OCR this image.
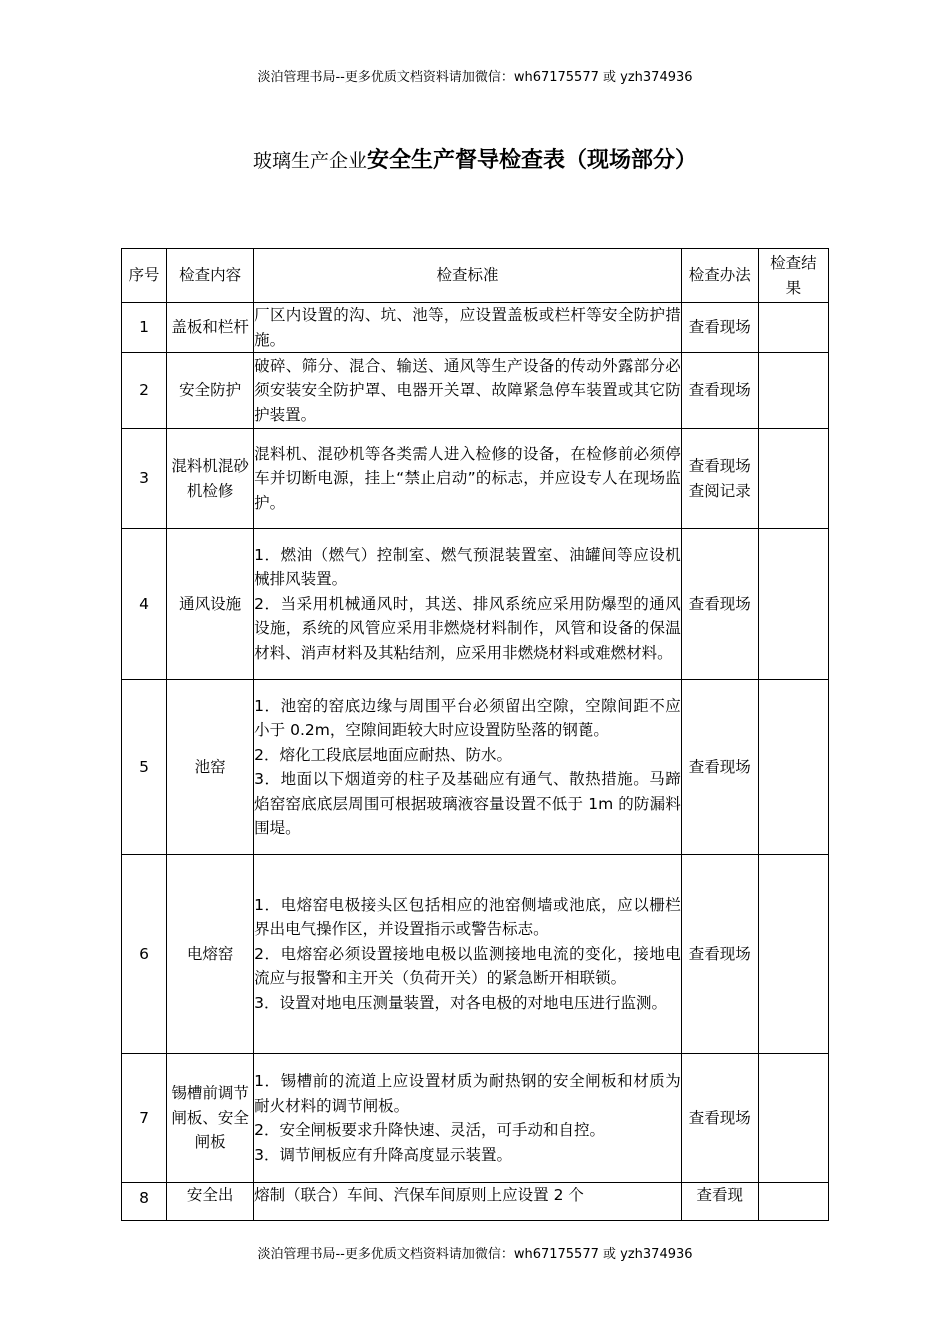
淡泊管理书局--更多优质文档资料请加微信：wh67175577 或 yzh374936
玻璃生产企业安全生产督导检查表（现场部分）
序号	检查内容	检查标准	检查办法	检查结果

1	盖板和栏杆	厂区内设置的沟、坑、池等，应设置盖板或栏杆等安全防护措施。	查看现场	
2	安全防护	破碎、筛分、混合、输送、通风等生产设备的传动外露部分必须安装安全防护罩、电器开关罩、故障紧急停车装置或其它防护装置。	查看现场	
3	混料机混砂机检修	混料机、混砂机等各类需人进入检修的设备，在检修前必须停车并切断电源，挂上“禁止启动”的标志，并应设专人在现场监护。	查看现场查阅记录	
4	通风设施	1．燃油（燃气）控制室、燃气预混装置室、油罐间等应设机械排风装置。
2．当采用机械通风时，其送、排风系统应采用防爆型的通风设施，系统的风管应采用非燃烧材料制作，风管和设备的保温材料、消声材料及其粘结剂，应采用非燃烧材料或难燃材料。	查看现场	
5	池窑	1．池窑的窑底边缘与周围平台必须留出空隙，空隙间距不应小于 0.2m，空隙间距较大时应设置防坠落的钢蓖。
2．熔化工段底层地面应耐热、防水。
3．地面以下烟道旁的柱子及基础应有通气、散热措施。马蹄焰窑窑底底层周围可根据玻璃液容量设置不低于 1m 的防漏料围堤。	查看现场	
6	电熔窑	1．电熔窑电极接头区包括相应的池窑侧墙或池底，应以栅栏界出电气操作区，并设置指示或警告标志。
2．电熔窑必须设置接地电极以监测接地电流的变化，接地电流应与报警和主开关（负荷开关）的紧急断开相联锁。
3．设置对地电压测量装置，对各电极的对地电压进行监测。	查看现场	
7	锡槽前调节闸板、安全闸板	1．锡槽前的流道上应设置材质为耐热钢的安全闸板和材质为耐火材料的调节闸板。
2．安全闸板要求升降快速、灵活，可手动和自控。
3．调节闸板应有升降高度显示装置。	查看现场	
8	安全出	熔制（联合）车间、汽保车间原则上应设置 2 个	查看现	
淡泊管理书局--更多优质文档资料请加微信：wh67175577 或 yzh374936
